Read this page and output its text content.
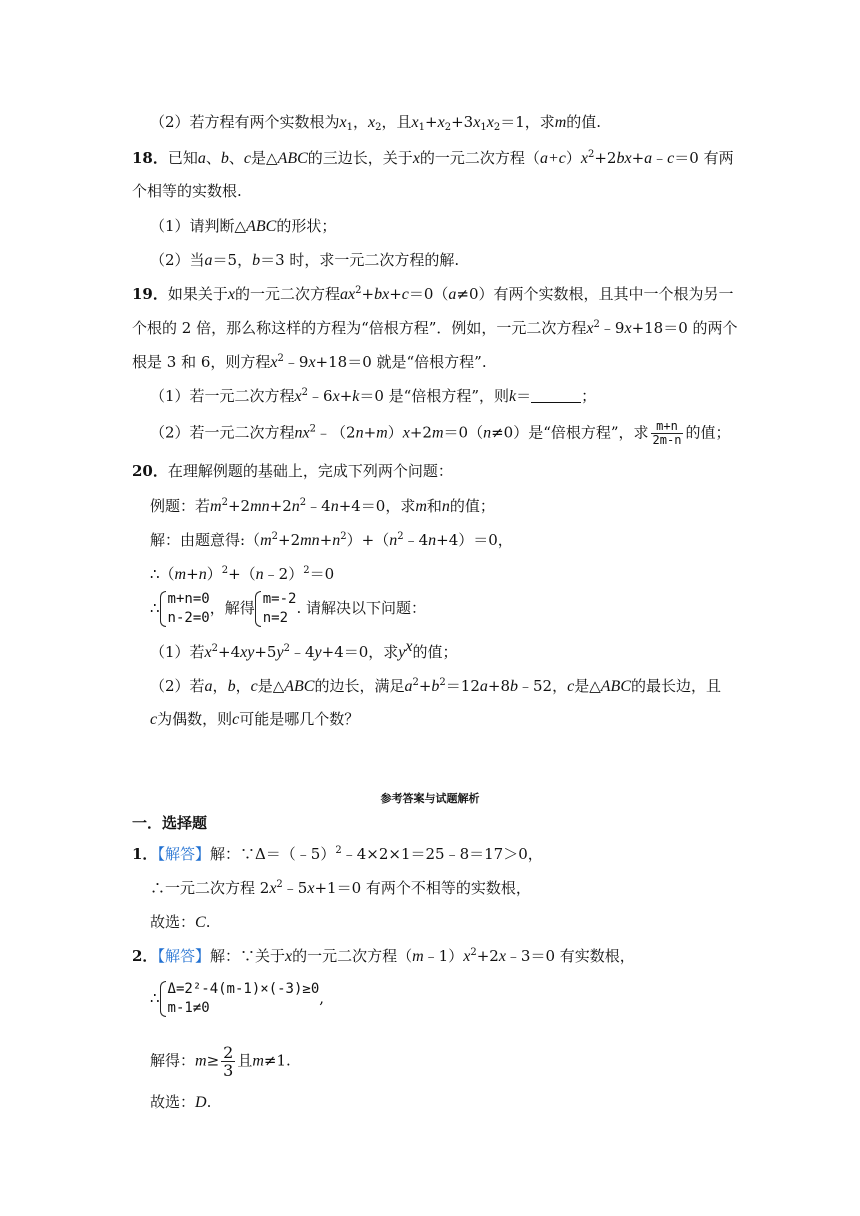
（2）若方程有两个实数根为$x_1$，$x_2$，且$x_1+x_2+3x_1x_2=1$，求m的值.
18．已知a、b、c是△ABC的三边长，关于x的一元二次方程$(a+c)x^2+2bx+a﹣c=0$ 有两
个相等的实数根.
（1）请判断△ABC的形状；
（2）当a＝5，b＝3 时，求一元二次方程的解.
19．如果关于x的一元二次方程$ax^2+bx+c=0(a\ne 0)$有两个实数根，且其中一个根为另一
个根的 2 倍，那么称这样的方程为“倍根方程”．例如，一元二次方程$x^2﹣9x+18=0$ 的两个
根是 3 和 6，则方程$x^2﹣9x+18=0$ 就是“倍根方程”.
（1）若一元二次方程$x^2﹣6x+k=0$ 是“倍根方程”，则k＝	；
（2）若一元二次方程$nx^2﹣(2n+m)x+2m=0(n\ne 0)$是“倍根方程”，求 $\frac{m+n}{2m-n}$ 的值；
20．在理解例题的基础上，完成下列两个问题：
例题：若$m^2+2mn+2n^2﹣4n+4=0$，求m和n的值；
解：由题意得$:(m^2+2mn+n^2)+(n^2﹣4n+4)=0$，
$\therefore(m+n)^2+(n﹣2)^2=0$
∴ m+n=0
n-2=0
，解得 m=-2
n=2
. 请解决以下问题：
（1）若$x^2+4xy+5y^2﹣4y+4=0$，求$y^x$的值；
（2）若a，b，c是△ABC的边长，满足$a^2+b^2=12a+8b﹣52$，c是△ABC的最长边，且
c为偶数，则c可能是哪几个数？
参考答案与试题解析
一．选择题
1．【解答】解：∵Δ＝（﹣5）$^2$﹣4×2×1＝25﹣8＝17＞0，
∴一元二次方程 $2x^2﹣5x+1=0$ 有两个不相等的实数根，
故选：C.
2．【解答】解：∵关于x的一元二次方程$(m﹣1)x^2+2x﹣3=0$ 有实数根，
∴ Δ=2²-4(m-1)×(-3)≥0
m-1≠0
,
解得：$m\ge \frac{2}{3}$ 且m≠1.
故选：D.
